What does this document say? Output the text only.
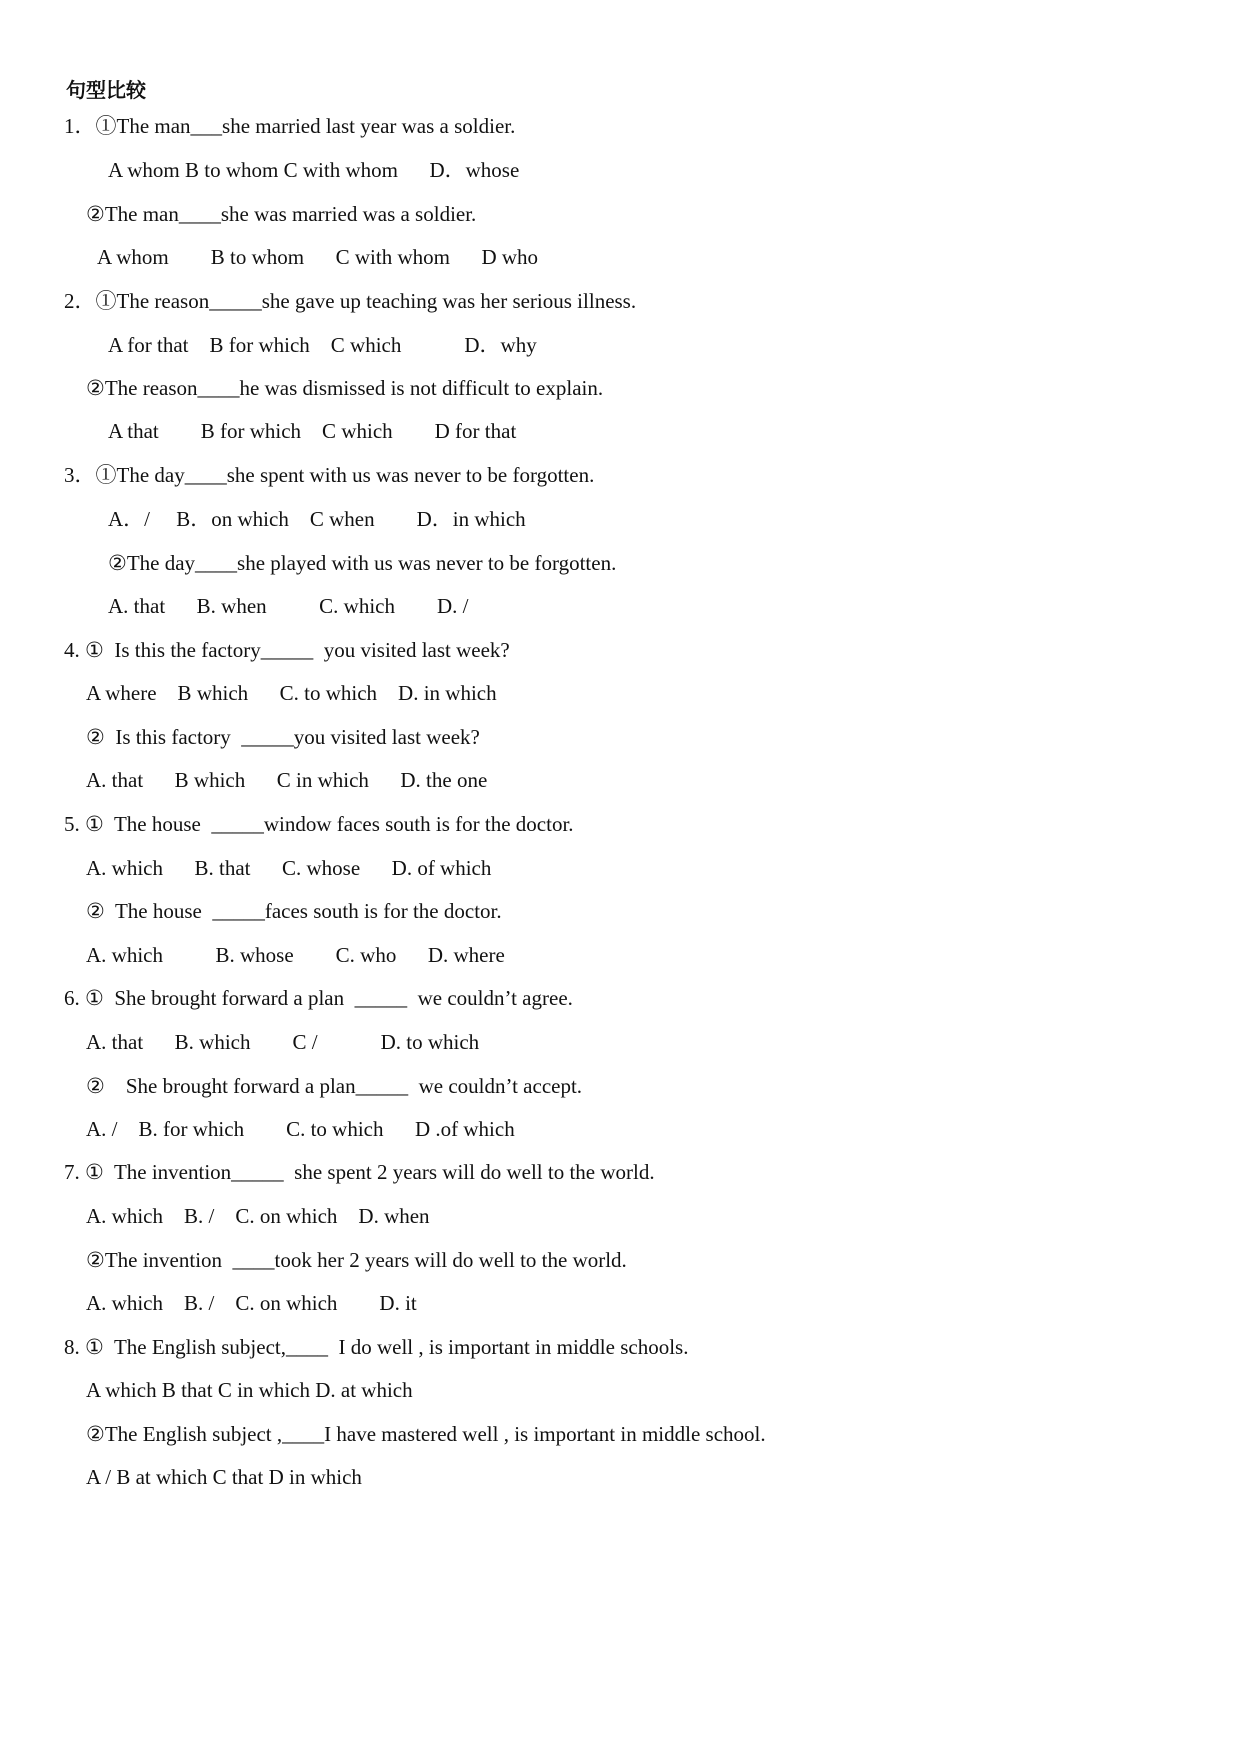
句型比较
1．①The man___she married last year was a soldier.
A whom B to whom C with whom      D．whose
②The man____she was married was a soldier.
A whom        B to whom      C with whom      D who
2．①The reason_____she gave up teaching was her serious illness.
A for that    B for which    C which            D．why
②The reason____he was dismissed is not difficult to explain.
A that        B for which    C which        D for that
3．①The day____she spent with us was never to be forgotten.
A．/     B．on which    C when        D．in which
②The day____she played with us was never to be forgotten.
A. that      B. when          C. which        D. /
4. ①  Is this the factory_____  you visited last week?
A where    B which      C. to which    D. in which
②  Is this factory  _____you visited last week?
A. that      B which      C in which      D. the one
5. ①  The house  _____window faces south is for the doctor.
A. which      B. that      C. whose      D. of which
②  The house  _____faces south is for the doctor.
A. which          B. whose        C. who      D. where
6. ①  She brought forward a plan  _____  we couldn’t agree.
A. that      B. which        C /            D. to which
②    She brought forward a plan_____  we couldn’t accept.
A. /    B. for which        C. to which      D .of which
7. ①  The invention_____  she spent 2 years will do well to the world.
A. which    B. /    C. on which    D. when
②The invention  ____took her 2 years will do well to the world.
A. which    B. /    C. on which        D. it
8. ①  The English subject,____  I do well , is important in middle schools.
A which B that C in which D. at which
②The English subject ,____I have mastered well , is important in middle school.
A / B at which C that D in which
